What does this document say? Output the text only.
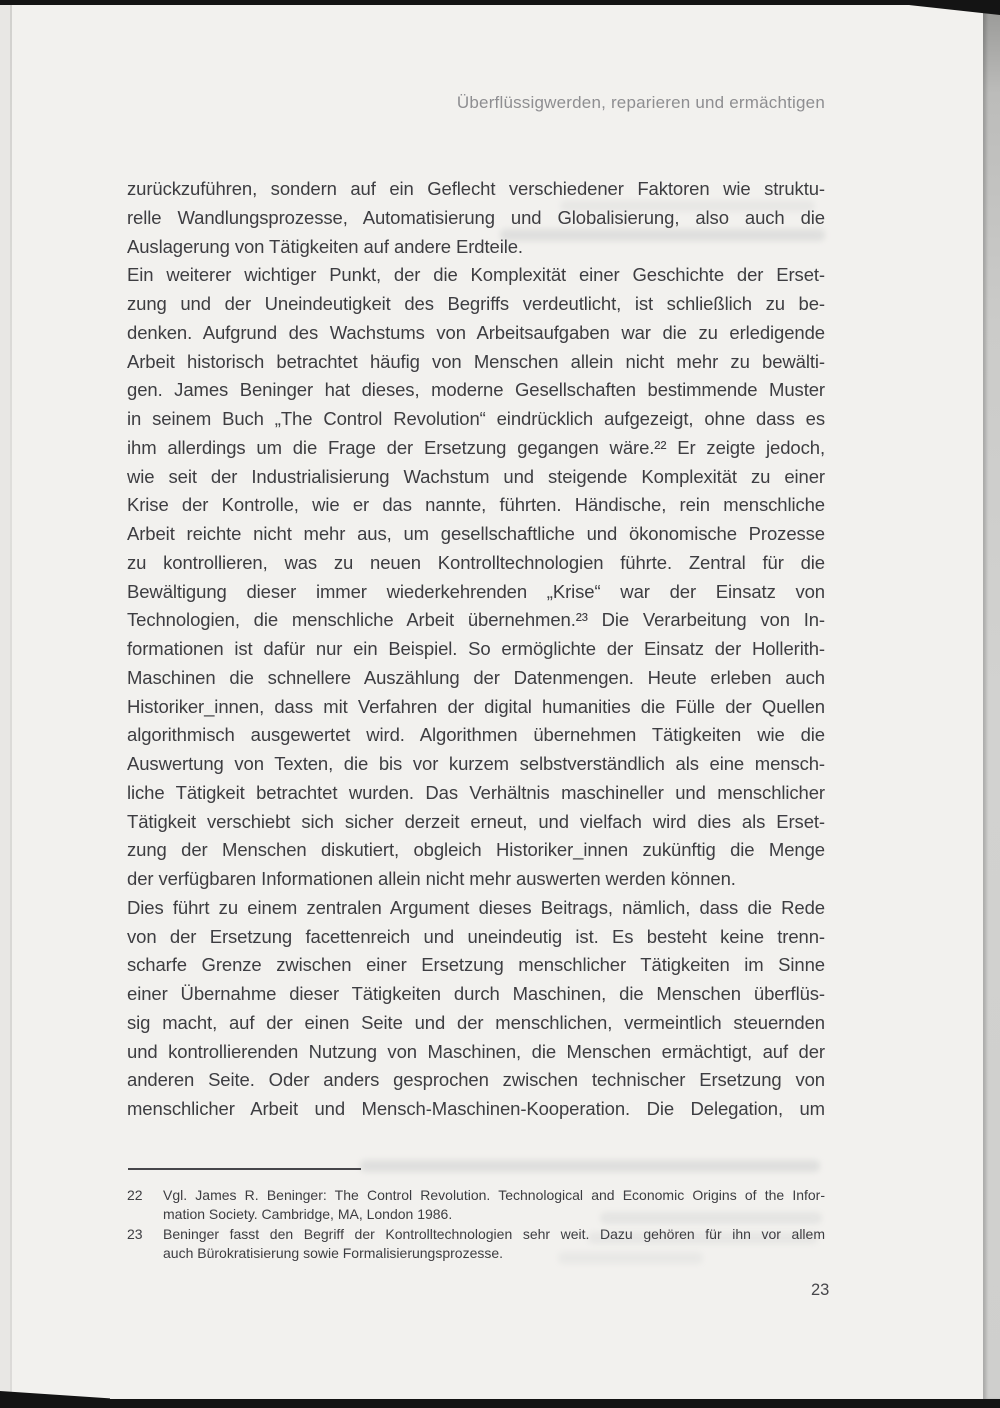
Überflüssigwerden, reparieren und ermächtigen
zurückzuführen, sondern auf ein Geflecht verschiedener Faktoren wie struktu-
relle Wandlungsprozesse, Automatisierung und Globalisierung, also auch die
Auslagerung von Tätigkeiten auf andere Erdteile.
Ein weiterer wichtiger Punkt, der die Komplexität einer Geschichte der Erset-
zung und der Uneindeutigkeit des Begriffs verdeutlicht, ist schließlich zu be-
denken. Aufgrund des Wachstums von Arbeitsaufgaben war die zu erledigende
Arbeit historisch betrachtet häufig von Menschen allein nicht mehr zu bewälti-
gen. James Beninger hat dieses, moderne Gesellschaften bestimmende Muster
in seinem Buch „The Control Revolution“ eindrücklich aufgezeigt, ohne dass es
ihm allerdings um die Frage der Ersetzung gegangen wäre.²² Er zeigte jedoch,
wie seit der Industrialisierung Wachstum und steigende Komplexität zu einer
Krise der Kontrolle, wie er das nannte, führten. Händische, rein menschliche
Arbeit reichte nicht mehr aus, um gesellschaftliche und ökonomische Prozesse
zu kontrollieren, was zu neuen Kontrolltechnologien führte. Zentral für die
Bewältigung dieser immer wiederkehrenden „Krise“ war der Einsatz von
Technologien, die menschliche Arbeit übernehmen.²³ Die Verarbeitung von In-
formationen ist dafür nur ein Beispiel. So ermöglichte der Einsatz der Hollerith-
Maschinen die schnellere Auszählung der Datenmengen. Heute erleben auch
Historiker_innen, dass mit Verfahren der digital humanities die Fülle der Quellen
algorithmisch ausgewertet wird. Algorithmen übernehmen Tätigkeiten wie die
Auswertung von Texten, die bis vor kurzem selbstverständlich als eine mensch-
liche Tätigkeit betrachtet wurden. Das Verhältnis maschineller und menschlicher
Tätigkeit verschiebt sich sicher derzeit erneut, und vielfach wird dies als Erset-
zung der Menschen diskutiert, obgleich Historiker_innen zukünftig die Menge
der verfügbaren Informationen allein nicht mehr auswerten werden können.
Dies führt zu einem zentralen Argument dieses Beitrags, nämlich, dass die Rede
von der Ersetzung facettenreich und uneindeutig ist. Es besteht keine trenn-
scharfe Grenze zwischen einer Ersetzung menschlicher Tätigkeiten im Sinne
einer Übernahme dieser Tätigkeiten durch Maschinen, die Menschen überflüs-
sig macht, auf der einen Seite und der menschlichen, vermeintlich steuernden
und kontrollierenden Nutzung von Maschinen, die Menschen ermächtigt, auf der
anderen Seite. Oder anders gesprochen zwischen technischer Ersetzung von
menschlicher Arbeit und Mensch-Maschinen-Kooperation. Die Delegation, um
22	Vgl. James R. Beninger: The Control Revolution. Technological and Economic Origins of the Infor-
mation Society. Cambridge, MA, London 1986.
23	Beninger fasst den Begriff der Kontrolltechnologien sehr weit. Dazu gehören für ihn vor allem
auch Bürokratisierung sowie Formalisierungsprozesse.
23
